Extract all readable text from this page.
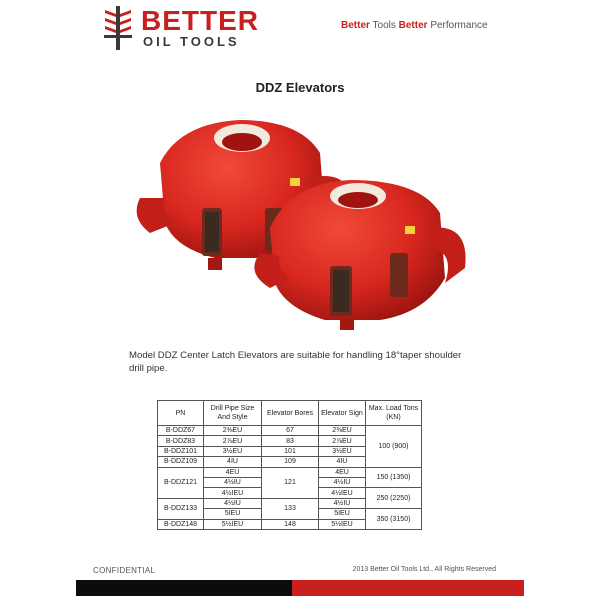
BETTER
OIL TOOLS
Better Tools Better Performance
DDZ Elevators
Model DDZ Center Latch Elevators are suitable for handling 18°taper shoulder drill pipe.
PN	Drill Pipe Size And Style	Elevator Bores	Elevator Sign	Max. Load Tons (KN)
B-DDZ67	2⅜EU	67	2⅜EU	100 (900)
B-DDZ83	2⅞EU	83	2⅞EU	
B-DDZ101	3½EU	101	3½EU	
B-DDZ109	4IU	109	4IU	
B-DDZ121	4EU	121	4EU	150 (1350)
	4½IU		4½IU	
	4½IEU		4½IEU	250 (2250)
B-DDZ133	4½IU	133	4½IU	
	5IEU		5IEU	350 (3150)
B-DDZ148	5½IEU	148	5½IEU	
CONFIDENTIAL	2013 Better Oil Tools Ltd., All Rights Reserved
